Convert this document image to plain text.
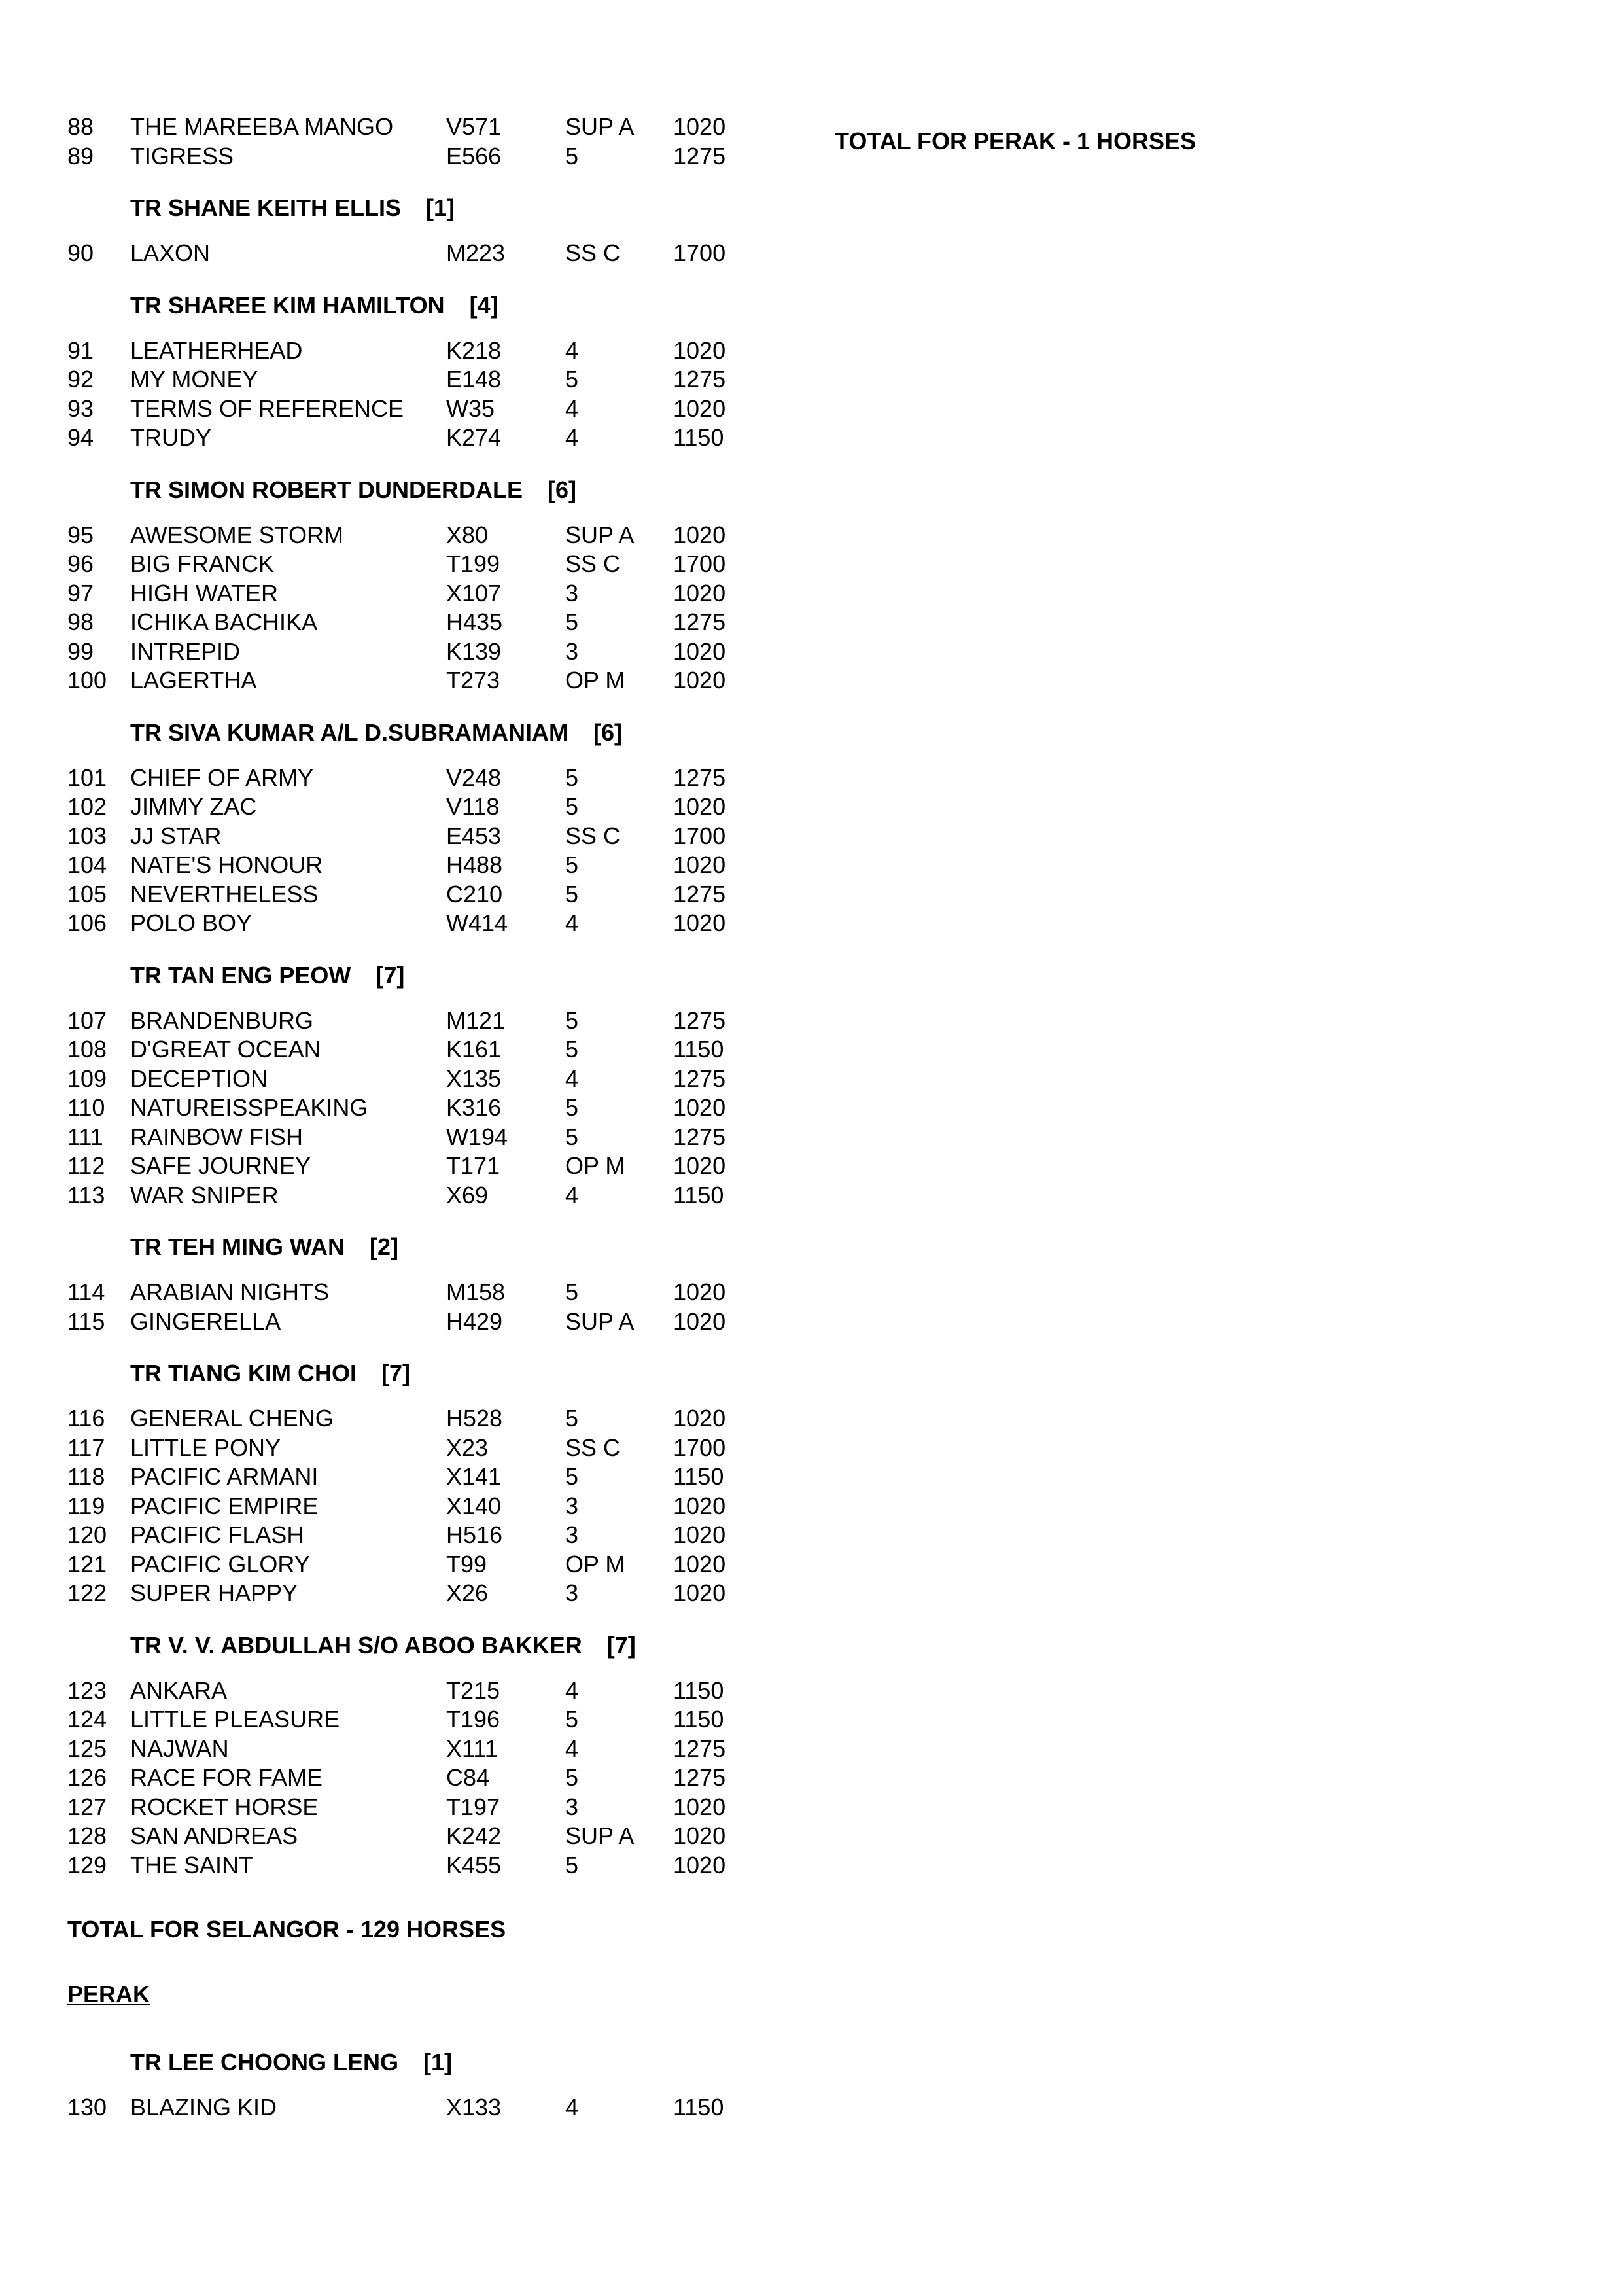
TOTAL FOR PERAK - 1 HORSES
88 THE MAREEBA MANGO V571	SUP A 1020
89 TIGRESS	E566	5	1275
TR SHANE KEITH ELLIS [1]
90 LAXON	M223	SS C 1700
TR SHAREE KIM HAMILTON [4]
91 LEATHERHEAD	K218	4	1020
92 MY MONEY	E148	5	1275
93 TERMS OF REFERENCE W35	4	1020
94 TRUDY	K274	4	1150
TR SIMON ROBERT DUNDERDALE [6]
95 AWESOME STORM	X80	SUP A 1020
96 BIG FRANCK	T199	SS C 1700
97 HIGH WATER	X107	3	1020
98 ICHIKA BACHIKA	H435	5	1275
99 INTREPID	K139	3	1020
100 LAGERTHA	T273	OP M 1020
TR SIVA KUMAR A/L D.SUBRAMANIAM [6]
101 CHIEF OF ARMY	V248	5	1275
102 JIMMY ZAC	V118	5	1020
103 JJ STAR	E453	SS C 1700
104 NATE'S HONOUR	H488	5	1020
105 NEVERTHELESS	C210	5	1275
106 POLO BOY	W414 4	1020
TR TAN ENG PEOW [7]
107 BRANDENBURG	M121	5	1275
108 D'GREAT OCEAN	K161	5	1150
109 DECEPTION	X135	4	1275
110 NATUREISSPEAKING	K316	5	1020
111 RAINBOW FISH	W194 5	1275
112 SAFE JOURNEY	T171	OP M 1020
113 WAR SNIPER	X69	4	1150
TR TEH MING WAN [2]
114 ARABIAN NIGHTS	M158	5	1020
115 GINGERELLA	H429	SUP A 1020
TR TIANG KIM CHOI [7]
116 GENERAL CHENG	H528	5	1020
117 LITTLE PONY	X23	SS C 1700
118 PACIFIC ARMANI	X141	5	1150
119 PACIFIC EMPIRE	X140	3	1020
120 PACIFIC FLASH	H516	3	1020
121 PACIFIC GLORY	T99	OP M 1020
122 SUPER HAPPY	X26	3	1020
TR V. V. ABDULLAH S/O ABOO BAKKER [7]
123 ANKARA	T215	4	1150
124 LITTLE PLEASURE	T196	5	1150
125 NAJWAN	X111	4	1275
126 RACE FOR FAME	C84	5	1275
127 ROCKET HORSE	T197	3	1020
128 SAN ANDREAS	K242	SUP A 1020
129 THE SAINT	K455	5	1020
TOTAL FOR SELANGOR - 129 HORSES
PERAK
TR LEE CHOONG LENG [1]
130 BLAZING KID	X133	4	1150
